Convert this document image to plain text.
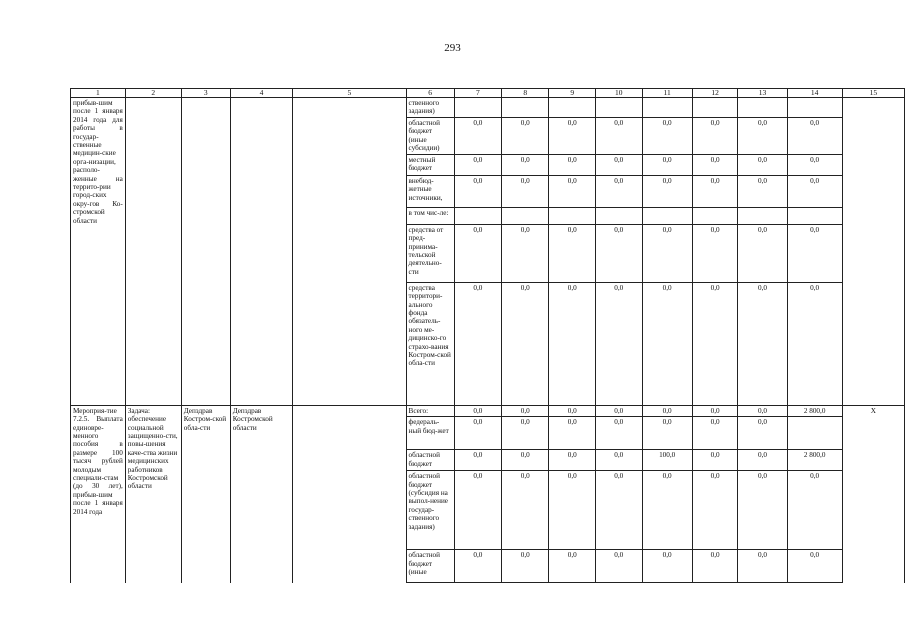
293
1	2	3	4	5	6	7	8	9	10	11	12	13	14	15
прибыв-шим после 1 января 2014 года для работы в государ-ственные медицин-ские орга-низации, располо-женные на террито-рии город-ских окру-гов Ко-стромской области					ственного задания)									
					областной бюджет (иные субсидии)	0,0	0,0	0,0	0,0	0,0	0,0	0,0	0,0	
					местный бюджет	0,0	0,0	0,0	0,0	0,0	0,0	0,0	0,0	
					внебюд-жетные источники,	0,0	0,0	0,0	0,0	0,0	0,0	0,0	0,0	
					в том чис-ле:									
					средства от пред-принима-тельской деятельно-сти	0,0	0,0	0,0	0,0	0,0	0,0	0,0	0,0	
					средства территори-ального фонда обязатель-ного ме-дицинско-го страхо-вания Костром-ской обла-сти	0,0	0,0	0,0	0,0	0,0	0,0	0,0	0,0	
Мероприя-тие 7.2.5. Выплата единовре-менного пособия в размере 100 тысяч рублей молодым специали-стам (до 30 лет), прибыв-шим после 1 января 2014 года	Задача: обеспечение социальной защищенно-сти, повы-шения каче-ства жизни медицинских работников Костромской области	Депздрав Костром-ской обла-сти	Депздрав Костромской области		Всего:	0,0	0,0	0,0	0,0	0,0	0,0	0,0	2 800,0	X
					федераль-ный бюд-жет	0,0	0,0	0,0	0,0	0,0	0,0	0,0		
					областной бюджет	0,0	0,0	0,0	0,0	100,0	0,0	0,0	2 800,0	
					областной бюджет (субсидия на выпол-нение государ-ственного задания)	0,0	0,0	0,0	0,0	0,0	0,0	0,0	0,0	
					областной бюджет (иные	0,0	0,0	0,0	0,0	0,0	0,0	0,0	0,0	
